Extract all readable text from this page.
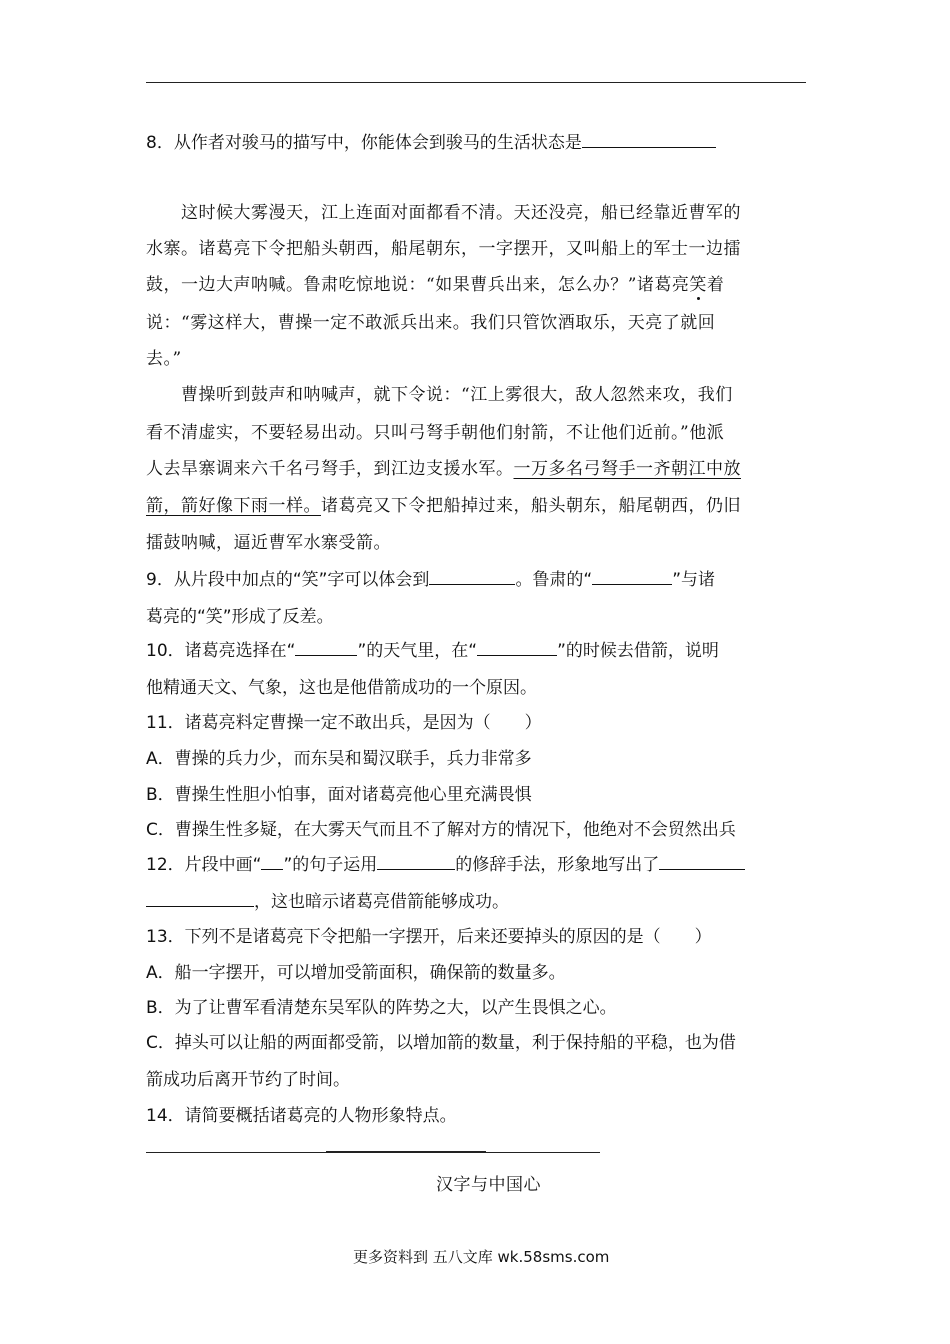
8．从作者对骏马的描写中，你能体会到骏马的生活状态是
这时候大雾漫天，江上连面对面都看不清。天还没亮，船已经靠近曹军的
水寨。诸葛亮下令把船头朝西，船尾朝东，一字摆开，又叫船上的军士一边擂
鼓，一边大声呐喊。鲁肃吃惊地说：“如果曹兵出来，怎么办？”诸葛亮笑着
说：“雾这样大，曹操一定不敢派兵出来。我们只管饮酒取乐，天亮了就回
去。”
曹操听到鼓声和呐喊声，就下令说：“江上雾很大，敌人忽然来攻，我们
看不清虚实，不要轻易出动。只叫弓弩手朝他们射箭，不让他们近前。”他派
人去旱寨调来六千名弓弩手，到江边支援水军。一万多名弓弩手一齐朝江中放
箭，箭好像下雨一样。诸葛亮又下令把船掉过来，船头朝东，船尾朝西，仍旧
擂鼓呐喊，逼近曹军水寨受箭。
9．从片段中加点的“笑”字可以体会到	。鲁肃的“	”与诸
葛亮的“笑”形成了反差。
10．诸葛亮选择在“	”的天气里，在“	”的时候去借箭，说明
他精通天文、气象，这也是他借箭成功的一个原因。
11．诸葛亮料定曹操一定不敢出兵，是因为（　　）
A．曹操的兵力少，而东吴和蜀汉联手，兵力非常多
B．曹操生性胆小怕事，面对诸葛亮他心里充满畏惧
C．曹操生性多疑，在大雾天气而且不了解对方的情况下，他绝对不会贸然出兵
12．片段中画“ ”的句子运用	的修辞手法，形象地写出了
，这也暗示诸葛亮借箭能够成功。
13．下列不是诸葛亮下令把船一字摆开，后来还要掉头的原因的是（　　）
A．船一字摆开，可以增加受箭面积，确保箭的数量多。
B．为了让曹军看清楚东吴军队的阵势之大，以产生畏惧之心。
C．掉头可以让船的两面都受箭，以增加箭的数量，利于保持船的平稳，也为借
箭成功后离开节约了时间。
14．请简要概括诸葛亮的人物形象特点。
汉字与中国心
更多资料到 五八文库 wk.58sms.com
